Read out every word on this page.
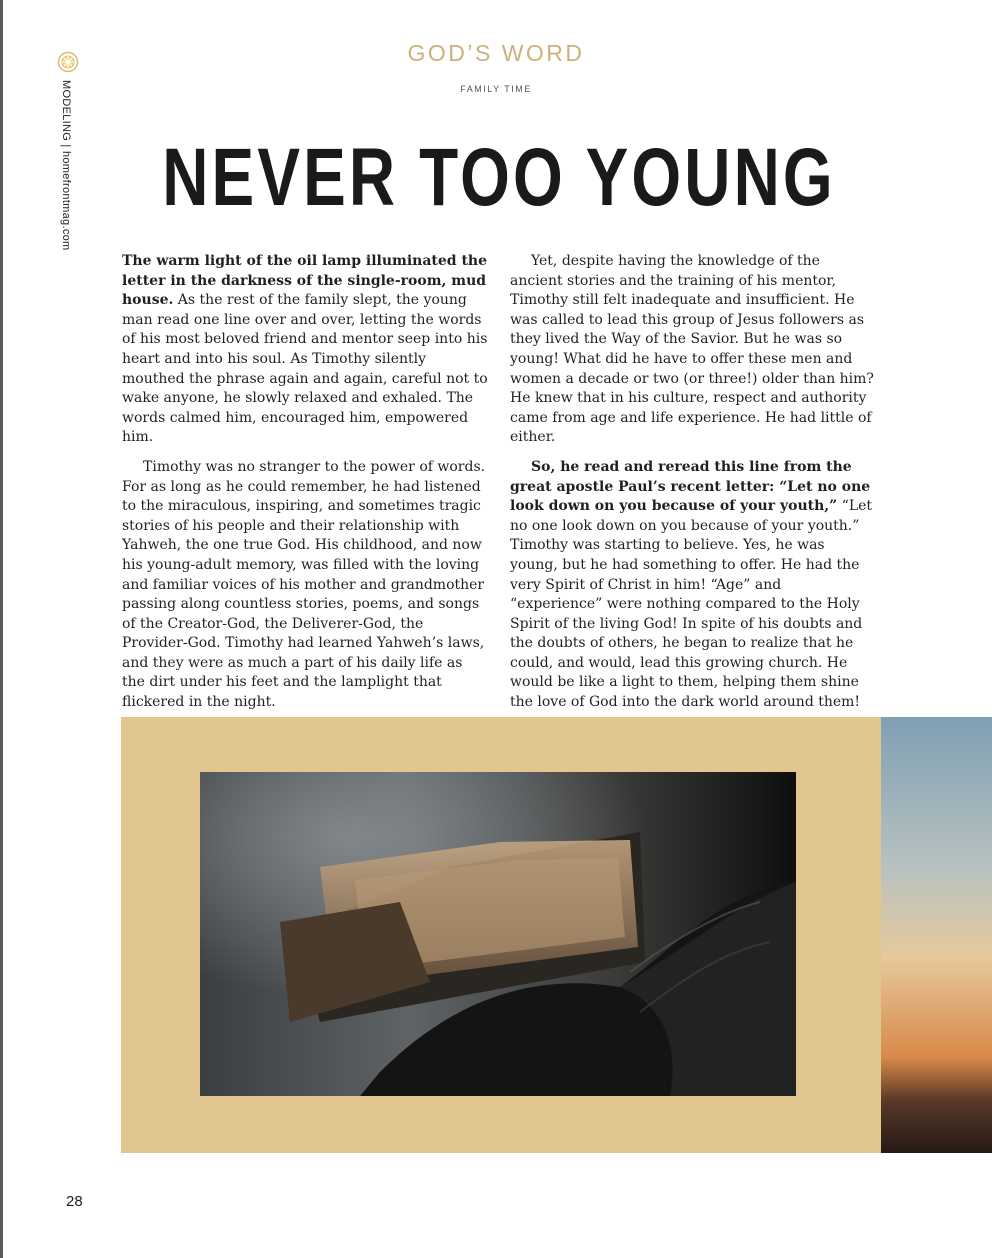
MODELING | homefrontmag.com
GOD’S WORD
FAMILY TIME
NEVER TOO YOUNG

The warm light of the oil lamp illuminated the letter in the darkness of the single-room, mud house. As the rest of the family slept, the young man read one line over and over, letting the words of his most beloved friend and mentor seep into his heart and into his soul. As Timothy silently mouthed the phrase again and again, careful not to wake anyone, he slowly relaxed and exhaled. The words calmed him, encouraged him, empowered him.

Timothy was no stranger to the power of words. For as long as he could remember, he had listened to the miraculous, inspiring, and sometimes tragic stories of his people and their relationship with Yahweh, the one true God. His childhood, and now his young-adult memory, was filled with the loving and familiar voices of his mother and grandmother passing along countless stories, poems, and songs of the Creator-God, the Deliverer-God, the Provider-God. Timothy had learned Yahweh’s laws, and they were as much a part of his daily life as the dirt under his feet and the lamplight that flickered in the night.

Yet, despite having the knowledge of the ancient stories and the training of his mentor, Timothy still felt inadequate and insufficient. He was called to lead this group of Jesus followers as they lived the Way of the Savior. But he was so young! What did he have to offer these men and women a decade or two (or three!) older than him? He knew that in his culture, respect and authority came from age and life experience. He had little of either.

So, he read and reread this line from the great apostle Paul’s recent letter: “Let no one look down on you because of your youth,” “Let no one look down on you because of your youth.” Timothy was starting to believe. Yes, he was young, but he had something to offer. He had the very Spirit of Christ in him! “Age” and “experience” were nothing compared to the Holy Spirit of the living God! In spite of his doubts and the doubts of others, he began to realize that he could, and would, lead this growing church. He would be like a light to them, helping them shine the love of God into the dark world around them!

28
